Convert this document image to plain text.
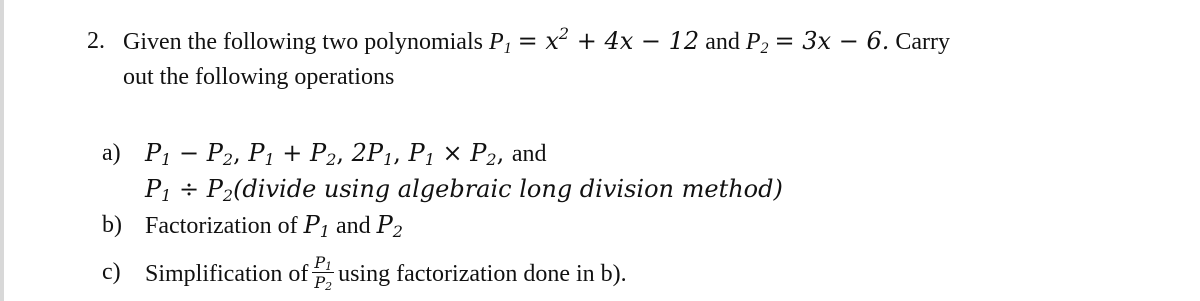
2. Given the following two polynomials $P_1 = x^2 + 4x - 12$ and $P_2 = 3x - 6$. Carry
out the following operations
a) $P_1 - P_2$, $P_1 + P_2$, $2P_1$, $P_1 \times P_2$, and
$P_1$ ÷ $P_2(divide$ using algebraic long division method)
b) Factorization of $P_1$ and $P_2$
c) Simplification of $\frac{P_1}{P_2}$ using factorization done in b).
